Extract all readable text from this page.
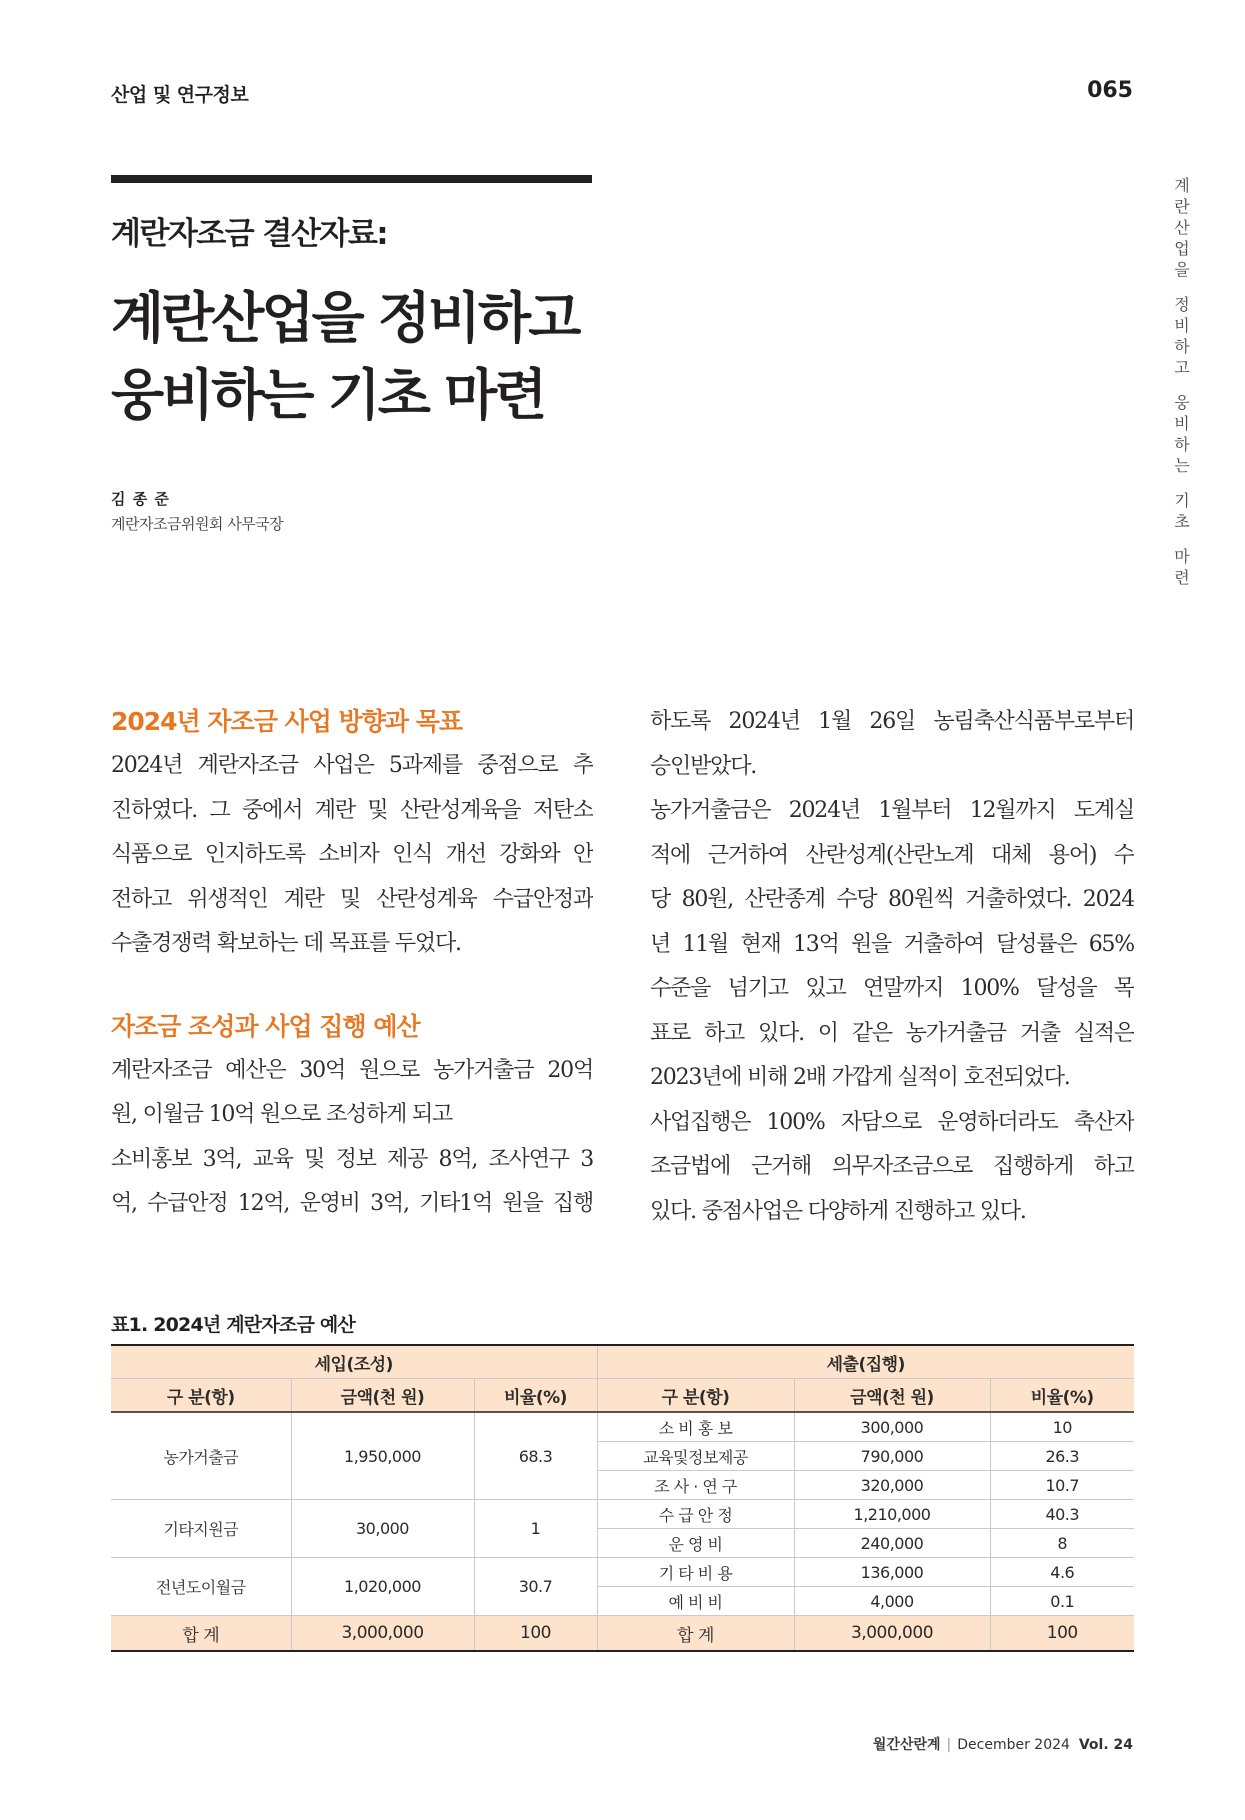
산업 및 연구정보	065
계란자조금 결산자료:
계란산업을 정비하고
웅비하는 기초 마련
김 종 준
계란자조금위원회 사무국장
계
란
산
업
을
정
비
하
고
웅
비
하
는
기
초
마
련
2024년 자조금 사업 방향과 목표
2024년 계란자조금 사업은 5과제를 중점으로 추
진하였다. 그 중에서 계란 및 산란성계육을 저탄소
식품으로 인지하도록 소비자 인식 개선 강화와 안
전하고 위생적인 계란 및 산란성계육 수급안정과
수출경쟁력 확보하는 데 목표를 두었다.
자조금 조성과 사업 집행 예산
계란자조금 예산은 30억 원으로 농가거출금 20억
원, 이월금 10억 원으로 조성하게 되고
소비홍보 3억, 교육 및 정보 제공 8억, 조사연구 3
억, 수급안정 12억, 운영비 3억, 기타1억 원을 집행
하도록 2024년 1월 26일 농림축산식품부로부터
승인받았다.
농가거출금은 2024년 1월부터 12월까지 도계실
적에 근거하여 산란성계(산란노계 대체 용어) 수
당 80원, 산란종계 수당 80원씩 거출하였다. 2024
년 11월 현재 13억 원을 거출하여 달성률은 65%
수준을 넘기고 있고 연말까지 100% 달성을 목
표로 하고 있다. 이 같은 농가거출금 거출 실적은
2023년에 비해 2배 가깝게 실적이 호전되었다.
사업집행은 100% 자담으로 운영하더라도 축산자
조금법에 근거해 의무자조금으로 집행하게 하고
있다. 중점사업은 다양하게 진행하고 있다.
표1. 2024년 계란자조금 예산
세입(조성)			세출(집행)		
구 분(항)	금액(천 원)	비율(%)	구 분(항)	금액(천 원)	비율(%)
농가거출금	1,950,000	68.3	소 비 홍 보	300,000	10
			교육및정보제공	790,000	26.3
			조 사 · 연 구	320,000	10.7
기타지원금	30,000	1	수 급 안 정	1,210,000	40.3
			운 영 비	240,000	8
전년도이월금	1,020,000	30.7	기 타 비 용	136,000	4.6
			예 비 비	4,000	0.1
합 계	3,000,000	100	합 계	3,000,000	100
월간산란계 | December 2024 Vol. 24
